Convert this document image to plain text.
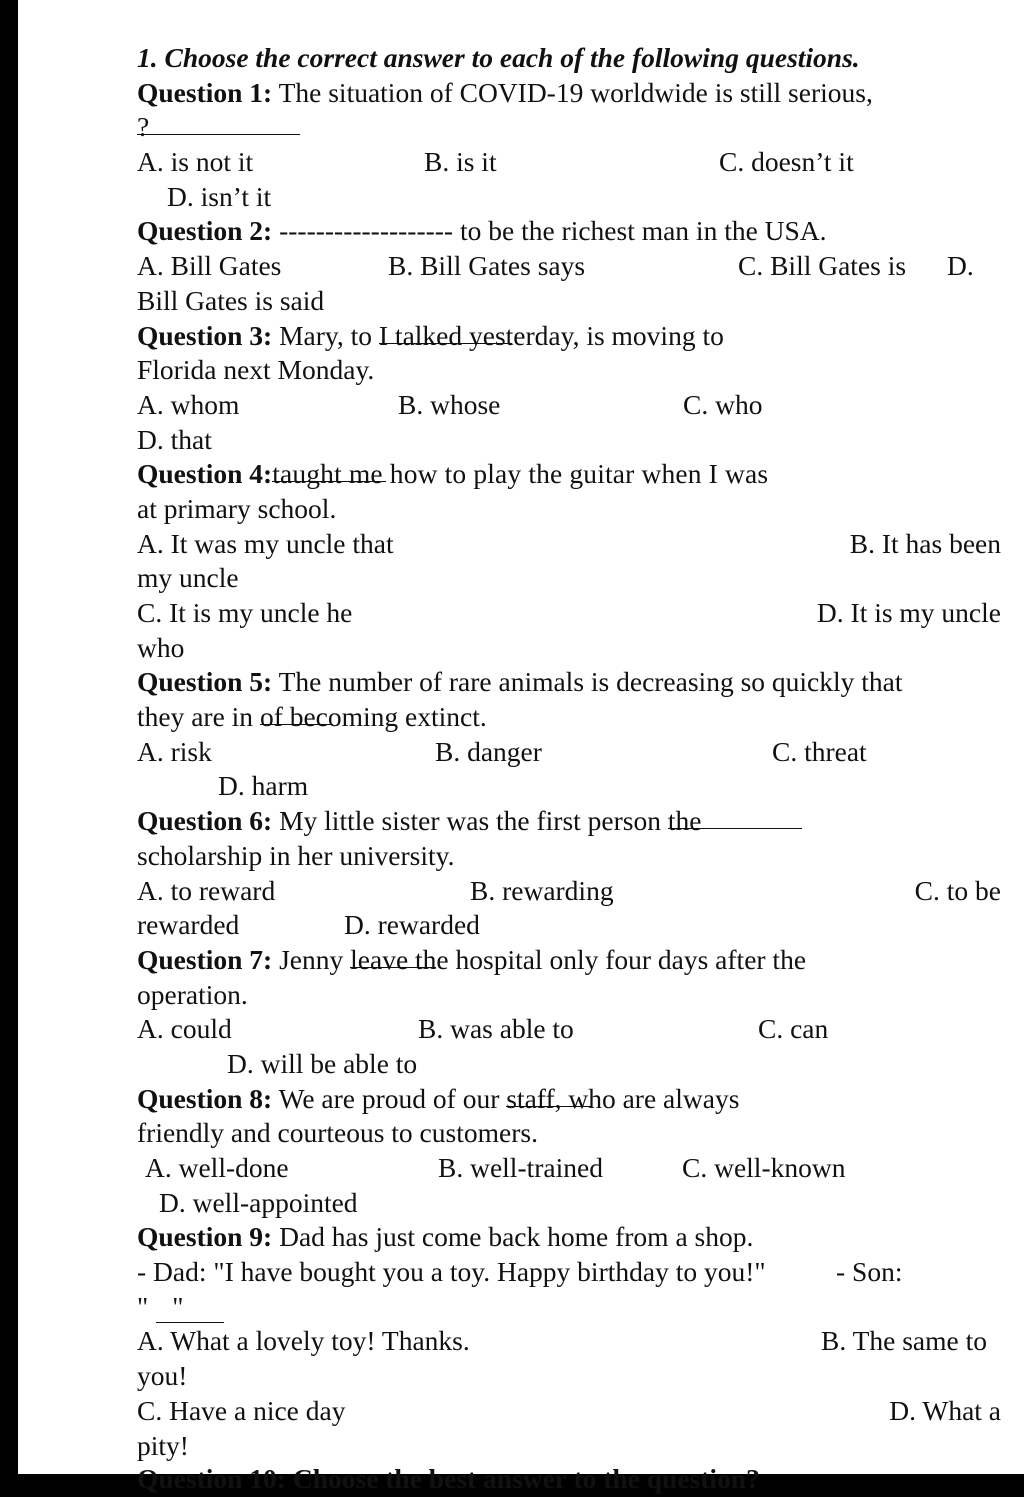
1. Choose the correct answer to each of the following questions.
Question 1: The situation of COVID-19 worldwide is still serious,
?
A. is not it	B. is it	C. doesn’t it
D. isn’t it
Question 2: ------------------- to be the richest man in the USA.
A. Bill Gates	B. Bill Gates says	C. Bill Gates is D.
Bill Gates is said
Question 3: Mary, to
I talked yesterday, is moving to
Florida next Monday.
A. whom	B. whose	C. who
D. that
Question 4:
taught me how to play the guitar when I was
at primary school.
A. It was my uncle that	B. It has been
my uncle
C. It is my uncle he	D. It is my uncle
who
Question 5: The number of rare animals is decreasing so quickly that
they are in
of becoming extinct.
A. risk	B. danger	C. threat
D. harm
Question 6: My little sister was the first person
the
scholarship in her university.
A. to reward	B. rewarding	C. to be
rewarded	D. rewarded
Question 7: Jenny
leave the hospital only four days after the
operation.
A. could	B. was able to	C. can
D. will be able to
Question 8: We are proud of our
staff, who are always
friendly and courteous to customers.
A. well-done	B. well-trained	C. well-known
D. well-appointed
Question 9: Dad has just come back home from a shop.
- Dad: "I have bought you a toy. Happy birthday to you!"	- Son:
" "
A. What a lovely toy! Thanks.	B. The same to
you!
C. Have a nice day	D. What a
pity!
Question 10: Choose the best answer to the question?
